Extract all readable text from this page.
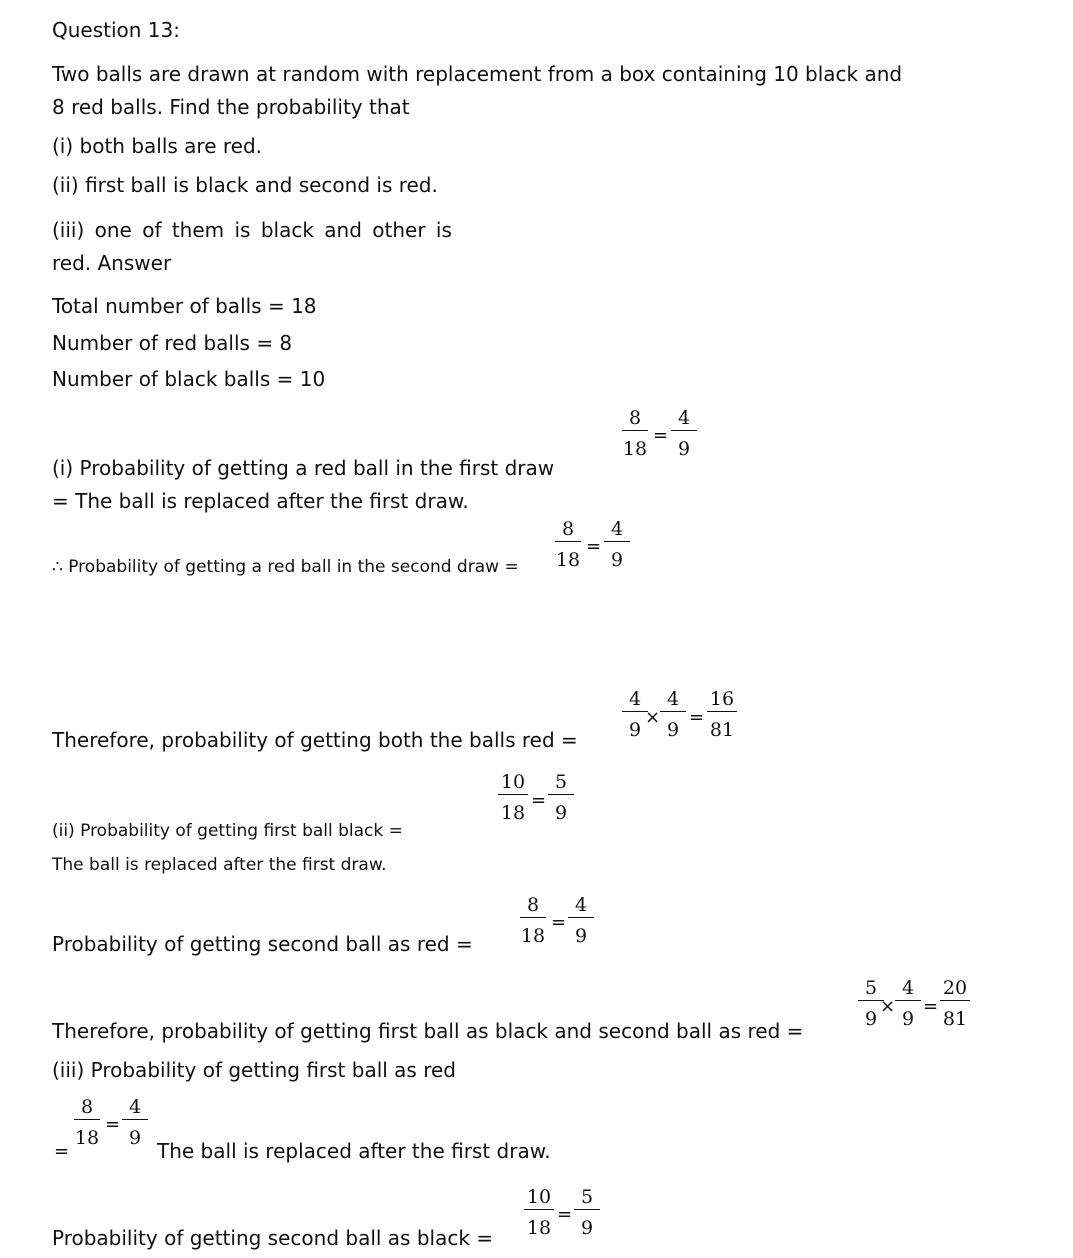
Question 13:
Two balls are drawn at random with replacement from a box containing 10 black and
8 red balls. Find the probability that
(i) both balls are red.
(ii) first ball is black and second is red.
(iii) one of them is black and other is
red. Answer
Total number of balls = 18
Number of red balls = 8
Number of black balls = 10
8
18
=
4
9
(i) Probability of getting a red ball in the first draw
= The ball is replaced after the first draw.
8
18
=
4
9
∴ Probability of getting a red ball in the second draw =
4
9
×
4
9
=
16
81
Therefore, probability of getting both the balls red =
10
18
=
5
9
(ii) Probability of getting first ball black =
The ball is replaced after the first draw.
8
18
=
4
9
Probability of getting second ball as red =
5
9
×
4
9
=
20
81
Therefore, probability of getting first ball as black and second ball as red =
(iii) Probability of getting first ball as red
8
18
=
4
9
=	The ball is replaced after the first draw.
10
18
=
5
9
Probability of getting second ball as black =
